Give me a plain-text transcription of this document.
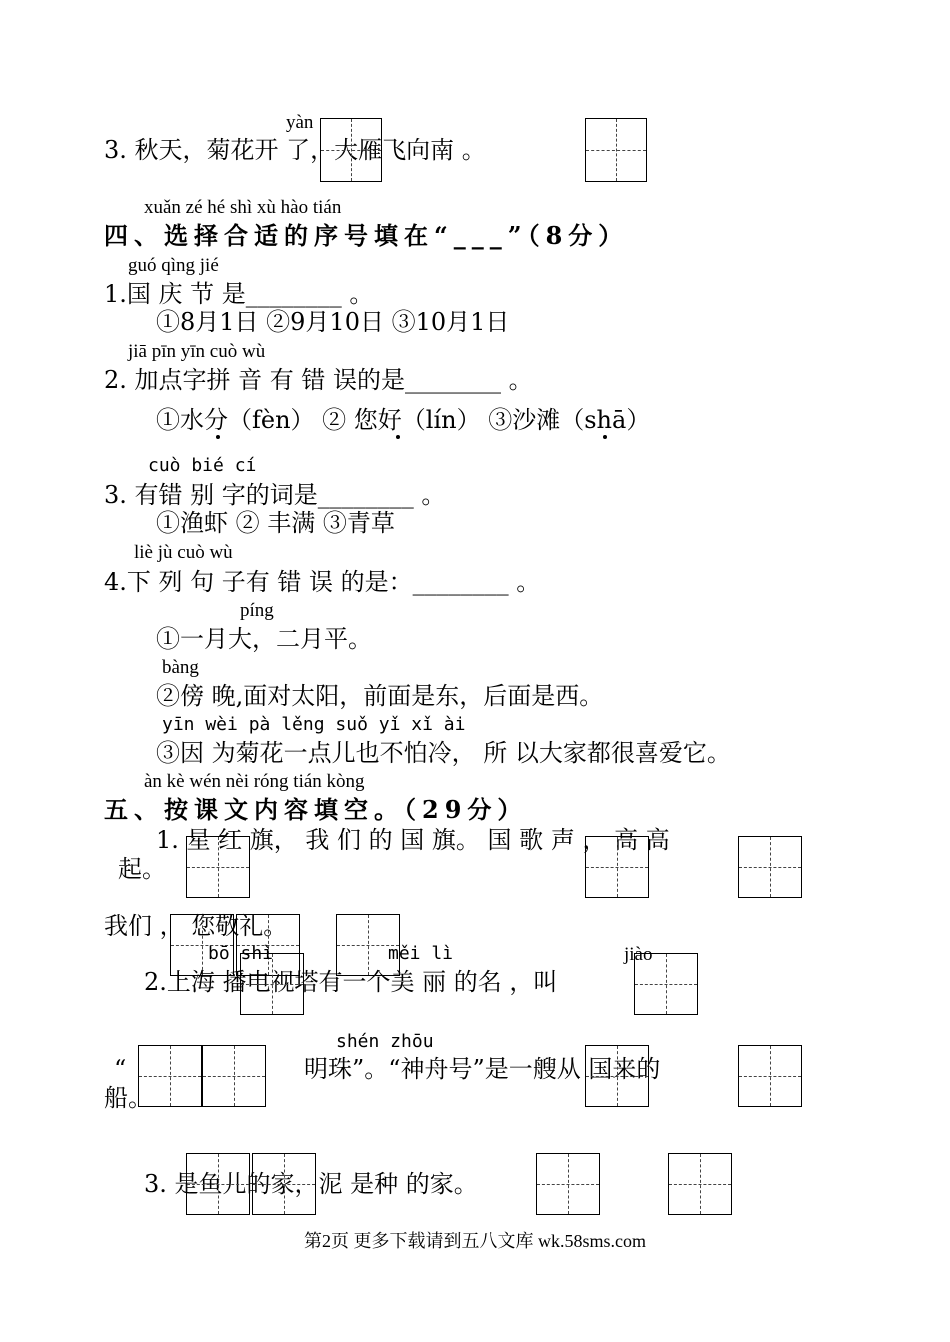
yàn
3. 秋天，菊花开 了，大雁飞向南 。
xuǎn zé hé shì xù hào tián
四、选择合适的序号填在“___”（8分）
guó qìng jié
1.国 庆 节 是________ 。
①8月1日 ②9月10日 ③10月1日
jiā pīn yīn cuò wù
2. 加点字拼 音 有 错 误的是________ 。
①水分（fèn） ② 您好（lín） ③沙滩（shā）
cuò bié cí
3. 有错 别 字的词是________ 。
①渔虾 ② 丰满 ③青草
liè jù cuò wù
4.下 列 句 子有 错 误 的是：________ 。
píng
①一月大，二月平。
bàng
②傍 晚,面对太阳，前面是东，后面是西。
yīn wèi pà lěng suǒ yǐ xǐ ài
③因 为菊花一点儿也不怕冷， 所 以大家都很喜爱它。
àn kè wén nèi róng tián kòng
五、按课文内容填空。（29分）
1. 星 红 旗， 我 们 的 国 旗。 国 歌 声 ， 高 高
起。
我们 ， 您敬礼。
bō shì	měi lì	jiào
2.上海 播电视塔有一个美 丽 的名 ，叫
shén zhōu
“	明珠”。“神舟号”是一艘从 国来的
船。
3. 是鱼儿的家，泥 是种 的家。
第2页 更多下载请到五八文库 wk.58sms.com
